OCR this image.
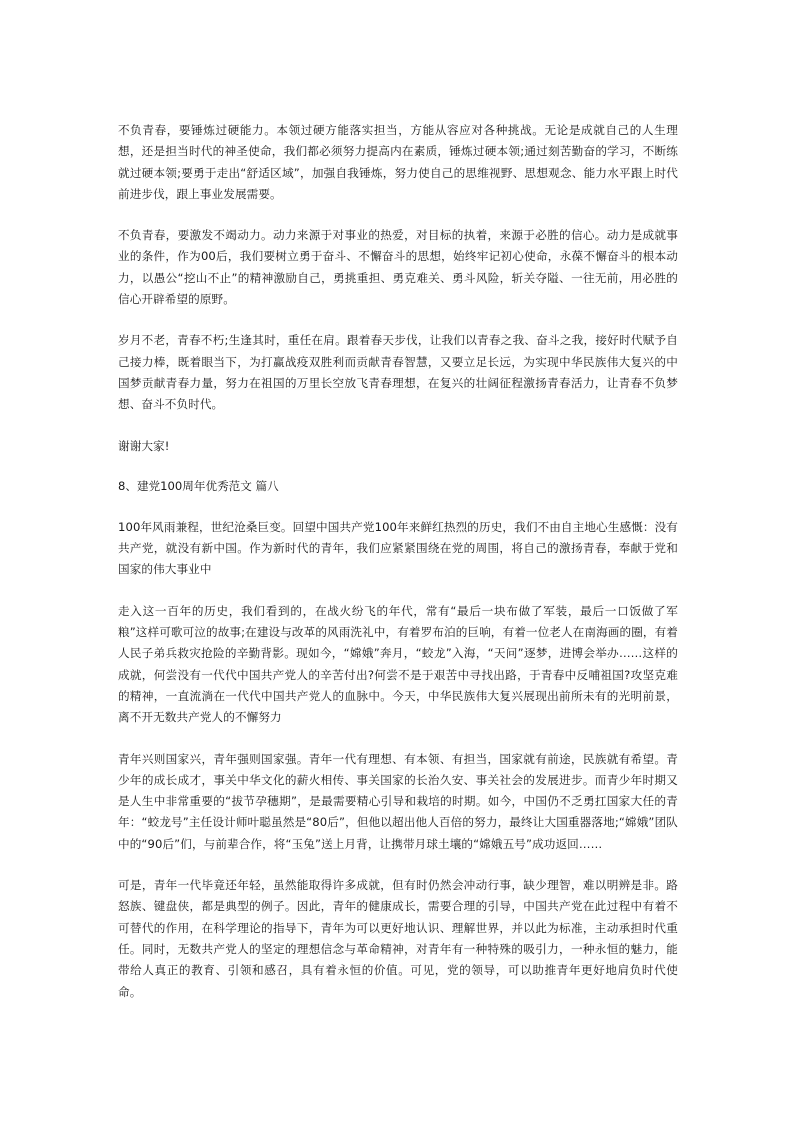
不负青春，要锤炼过硬能力。本领过硬方能落实担当，方能从容应对各种挑战。无论是成就自己的人生理想，还是担当时代的神圣使命，我们都必须努力提高内在素质，锤炼过硬本领;通过刻苦勤奋的学习，不断练就过硬本领;要勇于走出“舒适区域”，加强自我锤炼，努力使自己的思维视野、思想观念、能力水平跟上时代前进步伐，跟上事业发展需要。

不负青春，要激发不竭动力。动力来源于对事业的热爱，对目标的执着，来源于必胜的信心。动力是成就事业的条件，作为00后，我们要树立勇于奋斗、不懈奋斗的思想，始终牢记初心使命，永葆不懈奋斗的根本动力，以愚公“挖山不止”的精神激励自己，勇挑重担、勇克难关、勇斗风险，斩关夺隘、一往无前，用必胜的信心开辟希望的原野。

岁月不老，青春不朽;生逢其时，重任在肩。跟着春天步伐，让我们以青春之我、奋斗之我，接好时代赋予自己接力棒，既着眼当下，为打赢战疫双胜利而贡献青春智慧，又要立足长远，为实现中华民族伟大复兴的中国梦贡献青春力量，努力在祖国的万里长空放飞青春理想，在复兴的壮阔征程激扬青春活力，让青春不负梦想、奋斗不负时代。

谢谢大家!

8、建党100周年优秀范文 篇八

100年风雨兼程，世纪沧桑巨变。回望中国共产党100年来鲜红热烈的历史，我们不由自主地心生感慨：没有共产党，就没有新中国。作为新时代的青年，我们应紧紧围绕在党的周围，将自己的激扬青春，奉献于党和国家的伟大事业中

走入这一百年的历史，我们看到的，在战火纷飞的年代，常有“最后一块布做了军装，最后一口饭做了军粮”这样可歌可泣的故事;在建设与改革的风雨洗礼中，有着罗布泊的巨响，有着一位老人在南海画的圈，有着人民子弟兵救灾抢险的辛勤背影。现如今，“嫦娥”奔月，“蛟龙”入海，“天问”逐梦，进博会举办……这样的成就，何尝没有一代代中国共产党人的辛苦付出?何尝不是于艰苦中寻找出路，于青春中反哺祖国?攻坚克难的精神，一直流淌在一代代中国共产党人的血脉中。今天，中华民族伟大复兴展现出前所未有的光明前景，离不开无数共产党人的不懈努力

青年兴则国家兴，青年强则国家强。青年一代有理想、有本领、有担当，国家就有前途，民族就有希望。青少年的成长成才，事关中华文化的薪火相传、事关国家的长治久安、事关社会的发展进步。而青少年时期又是人生中非常重要的“拔节孕穗期”，是最需要精心引导和栽培的时期。如今，中国仍不乏勇扛国家大任的青年：“蛟龙号”主任设计师叶聪虽然是“80后”，但他以超出他人百倍的努力，最终让大国重器落地;“嫦娥”团队中的“90后”们，与前辈合作，将“玉兔”送上月背，让携带月球土壤的“嫦娥五号”成功返回……

可是，青年一代毕竟还年轻，虽然能取得许多成就，但有时仍然会冲动行事，缺少理智，难以明辨是非。路怒族、键盘侠，都是典型的例子。因此，青年的健康成长，需要合理的引导，中国共产党在此过程中有着不可替代的作用，在科学理论的指导下，青年为可以更好地认识、理解世界，并以此为标准，主动承担时代重任。同时，无数共产党人的坚定的理想信念与革命精神，对青年有一种特殊的吸引力，一种永恒的魅力，能带给人真正的教育、引领和感召，具有着永恒的价值。可见，党的领导，可以助推青年更好地肩负时代使命。
